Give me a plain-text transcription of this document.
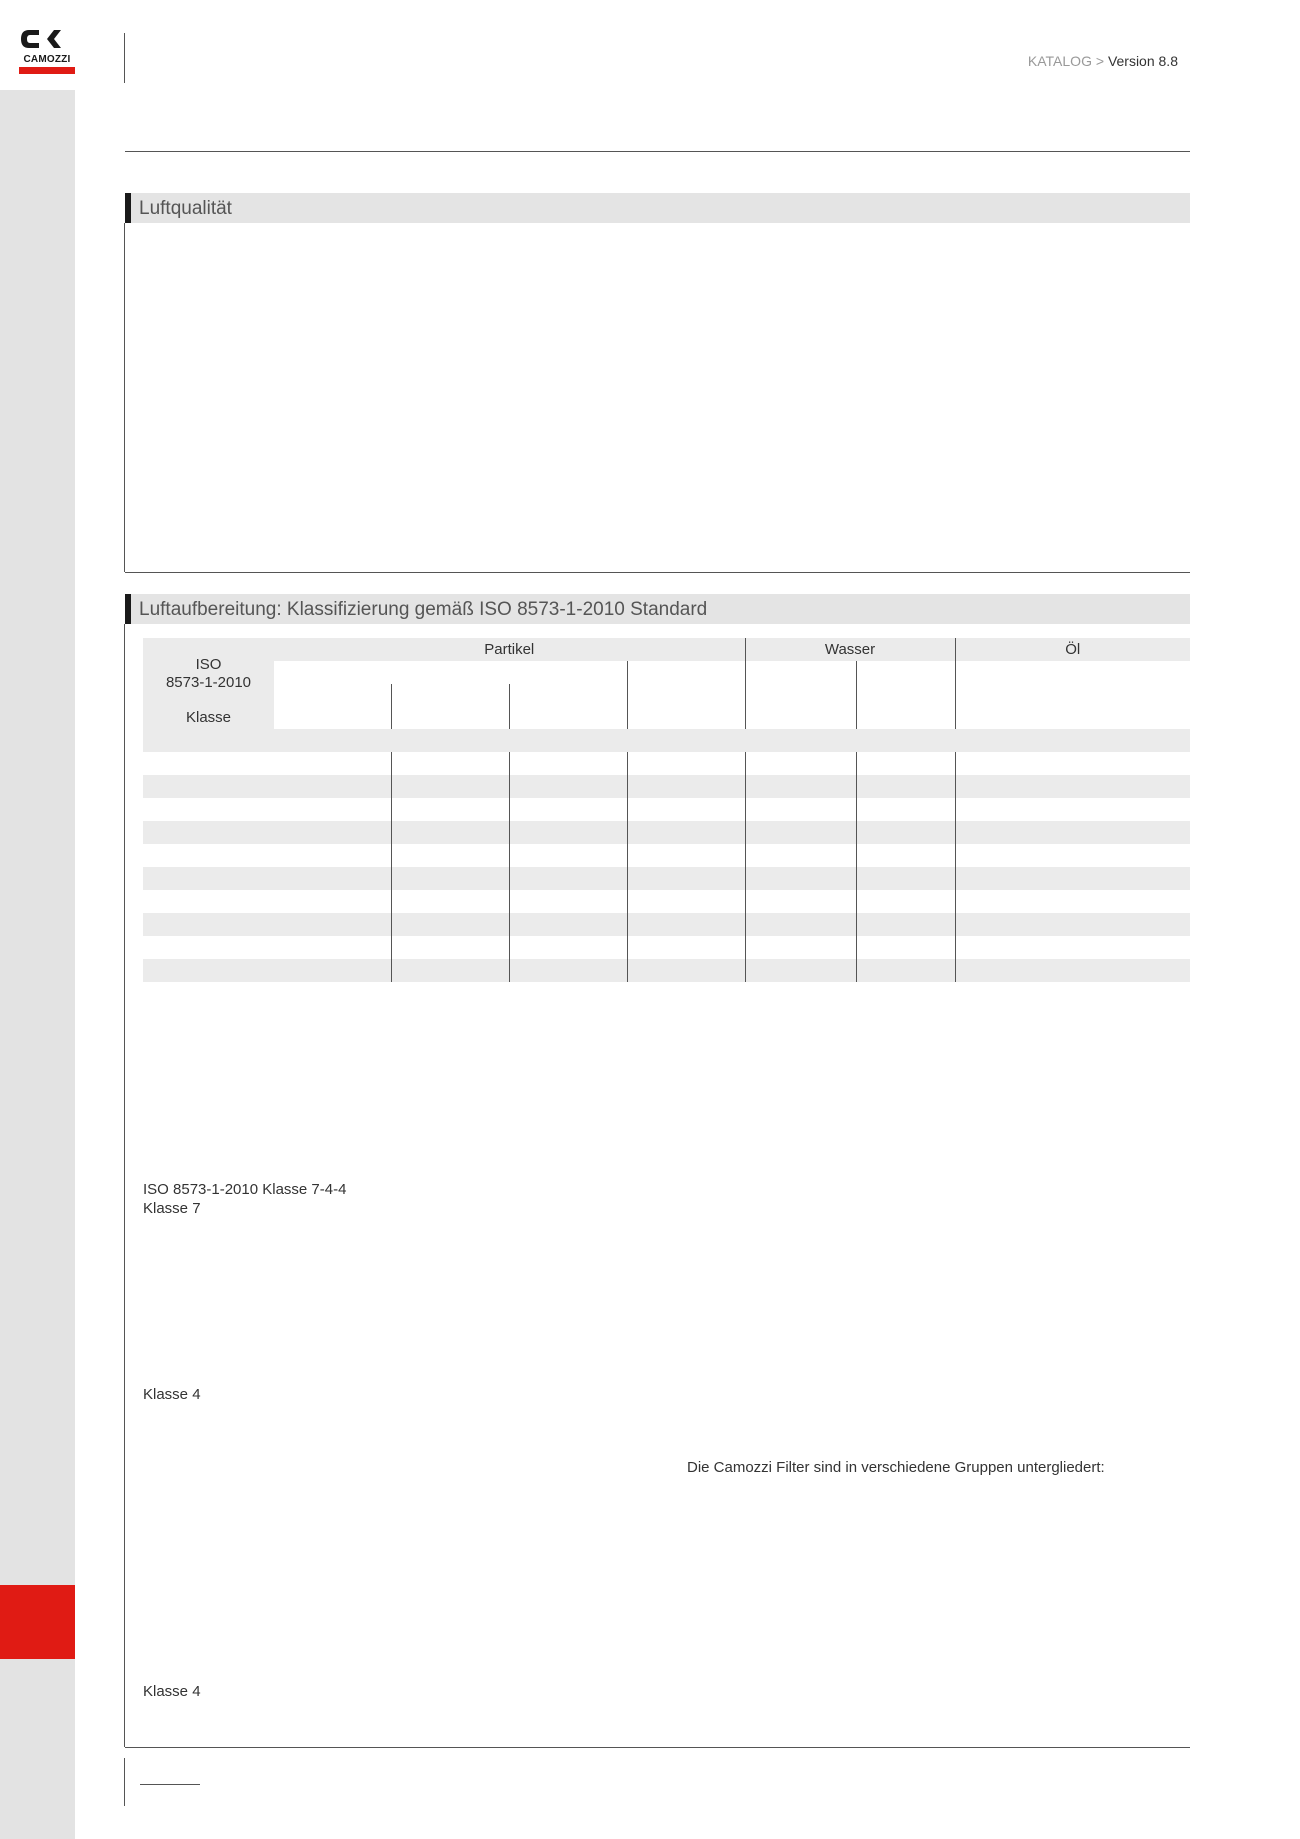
CAMOZZI	KATALOG > Version 8.8
Luftqualität
Luftaufbereitung: Klassifizierung gemäß ISO 8573-1-2010 Standard
ISO
8573-1-2010
Klasse	Partikel				Wasser		Öl

ISO 8573-1-2010 Klasse 7-4-4
Klasse 7
Klasse 4
Die Camozzi Filter sind in verschiedene Gruppen untergliedert:
Klasse 4
